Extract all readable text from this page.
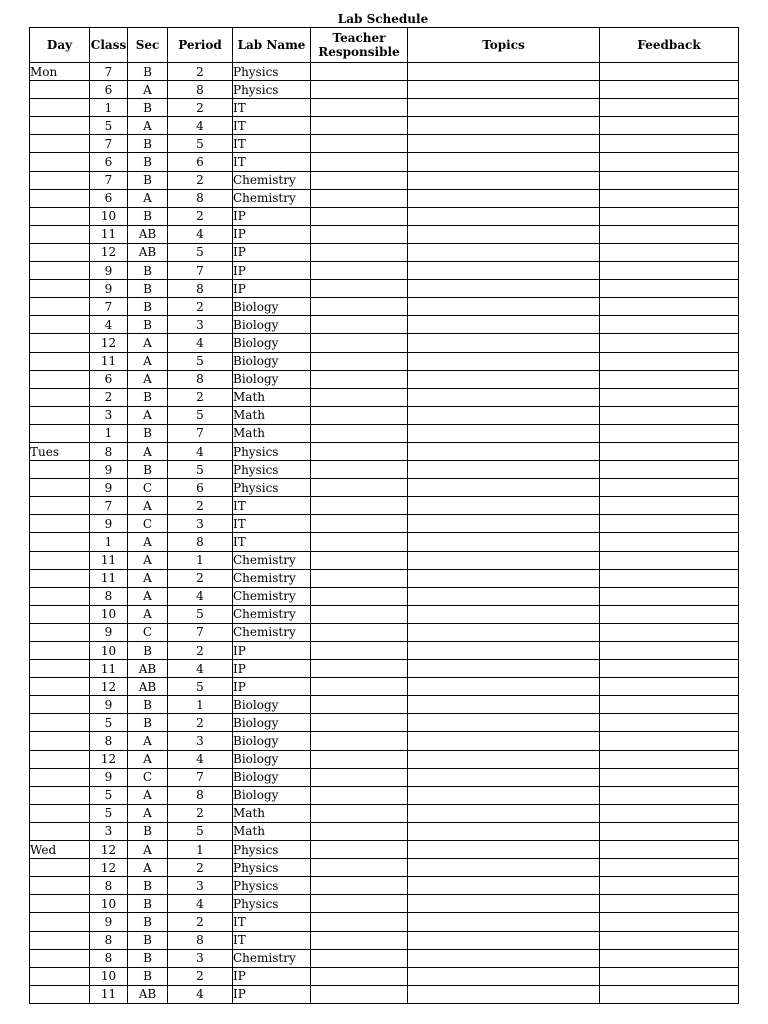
Lab Schedule
Day	Class	Sec	Period	Lab Name	Teacher Responsible	Topics	Feedback
Mon	7	B	2	Physics			
	6	A	8	Physics			
	1	B	2	IT			
	5	A	4	IT			
	7	B	5	IT			
	6	B	6	IT			
	7	B	2	Chemistry			
	6	A	8	Chemistry			
	10	B	2	IP			
	11	AB	4	IP			
	12	AB	5	IP			
	9	B	7	IP			
	9	B	8	IP			
	7	B	2	Biology			
	4	B	3	Biology			
	12	A	4	Biology			
	11	A	5	Biology			
	6	A	8	Biology			
	2	B	2	Math			
	3	A	5	Math			
	1	B	7	Math			
Tues	8	A	4	Physics			
	9	B	5	Physics			
	9	C	6	Physics			
	7	A	2	IT			
	9	C	3	IT			
	1	A	8	IT			
	11	A	1	Chemistry			
	11	A	2	Chemistry			
	8	A	4	Chemistry			
	10	A	5	Chemistry			
	9	C	7	Chemistry			
	10	B	2	IP			
	11	AB	4	IP			
	12	AB	5	IP			
	9	B	1	Biology			
	5	B	2	Biology			
	8	A	3	Biology			
	12	A	4	Biology			
	9	C	7	Biology			
	5	A	8	Biology			
	5	A	2	Math			
	3	B	5	Math			
Wed	12	A	1	Physics			
	12	A	2	Physics			
	8	B	3	Physics			
	10	B	4	Physics			
	9	B	2	IT			
	8	B	8	IT			
	8	B	3	Chemistry			
	10	B	2	IP			
	11	AB	4	IP			
